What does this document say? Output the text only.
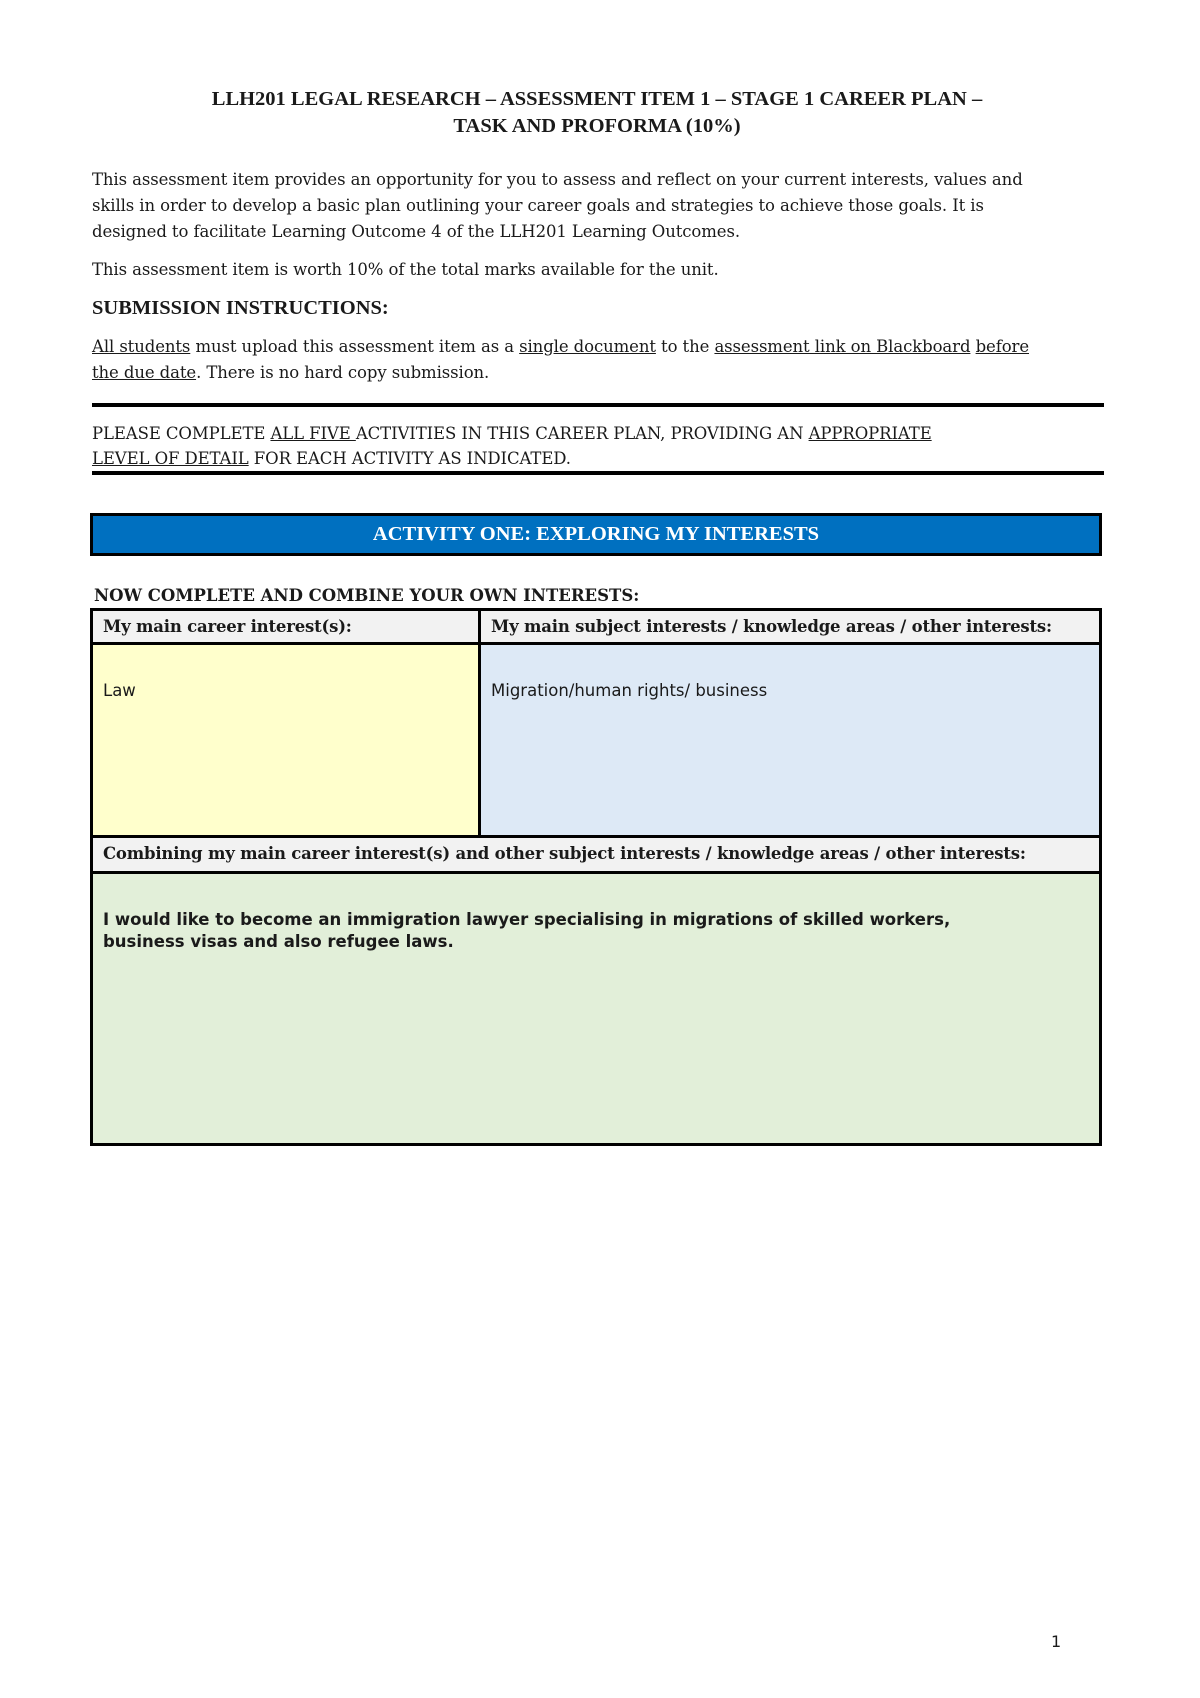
LLH201 LEGAL RESEARCH – ASSESSMENT ITEM 1 – STAGE 1 CAREER PLAN –
TASK AND PROFORMA (10%)
This assessment item provides an opportunity for you to assess and reflect on your current interests, values and
skills in order to develop a basic plan outlining your career goals and strategies to achieve those goals. It is
designed to facilitate Learning Outcome 4 of the LLH201 Learning Outcomes.
This assessment item is worth 10% of the total marks available for the unit.
SUBMISSION INSTRUCTIONS:
All students must upload this assessment item as a single document to the assessment link on Blackboard before
the due date. There is no hard copy submission.
PLEASE COMPLETE ALL FIVE ACTIVITIES IN THIS CAREER PLAN, PROVIDING AN APPROPRIATE
LEVEL OF DETAIL FOR EACH ACTIVITY AS INDICATED.
ACTIVITY ONE: EXPLORING MY INTERESTS
NOW COMPLETE AND COMBINE YOUR OWN INTERESTS:
My main career interest(s):	My main subject interests / knowledge areas / other interests:
Law	Migration/human rights/ business
Combining my main career interest(s) and other subject interests / knowledge areas / other interests:
I would like to become an immigration lawyer specialising in migrations of skilled workers,
business visas and also refugee laws.
1
